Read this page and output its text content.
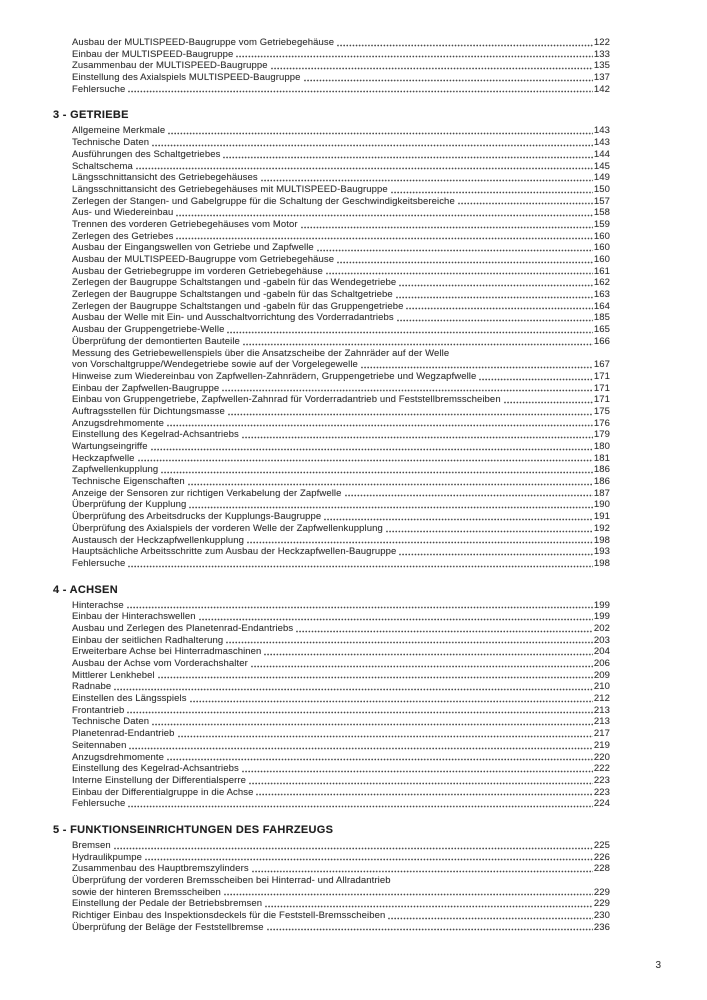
Ausbau der MULTISPEED-Baugruppe vom Getriebegehäuse	122
Einbau der MULTISPEED-Baugruppe	133
Zusammenbau der MULTISPEED-Baugruppe	135
Einstellung des Axialspiels MULTISPEED-Baugruppe	137
Fehlersuche	142
3 - GETRIEBE
Allgemeine Merkmale	143
Technische Daten	143
Ausführungen des Schaltgetriebes	144
Schaltschema	145
Längsschnittansicht des Getriebegehäuses	149
Längsschnittansicht des Getriebegehäuses mit MULTISPEED-Baugruppe	150
Zerlegen der Stangen- und Gabelgruppe für die Schaltung der Geschwindigkeitsbereiche	157
Aus- und Wiedereinbau	158
Trennen des vorderen Getriebegehäuses vom Motor	159
Zerlegen des Getriebes	160
Ausbau der Eingangswellen von Getriebe und Zapfwelle	160
Ausbau der MULTISPEED-Baugruppe vom Getriebegehäuse	160
Ausbau der Getriebegruppe im vorderen Getriebegehäuse	161
Zerlegen der Baugruppe Schaltstangen und -gabeln für das Wendegetriebe	162
Zerlegen der Baugruppe Schaltstangen und -gabeln für das Schaltgetriebe	163
Zerlegen der Baugruppe Schaltstangen und -gabeln für das Gruppengetriebe	164
Ausbau der Welle mit Ein- und Ausschaltvorrichtung des Vorderradantriebs	185
Ausbau der Gruppengetriebe-Welle	165
Überprüfung der demontierten Bauteile	166
Messung des Getriebewellenspiels über die Ansatzscheibe der Zahnräder auf der Welle
von Vorschaltgruppe/Wendegetriebe sowie auf der Vorgelegewelle	167
Hinweise zum Wiedereinbau von Zapfwellen-Zahnrädern, Gruppengetriebe und Wegzapfwelle	171
Einbau der Zapfwellen-Baugruppe	171
Einbau von Gruppengetriebe, Zapfwellen-Zahnrad für Vorderradantrieb und Feststellbremsscheiben	171
Auftragsstellen für Dichtungsmasse	175
Anzugsdrehmomente	176
Einstellung des Kegelrad-Achsantriebs	179
Wartungseingriffe	180
Heckzapfwelle	181
Zapfwellenkupplung	186
Technische Eigenschaften	186
Anzeige der Sensoren zur richtigen Verkabelung der Zapfwelle	187
Überprüfung der Kupplung	190
Überprüfung des Arbeitsdrucks der Kupplungs-Baugruppe	191
Überprüfung des Axialspiels der vorderen Welle der Zapfwellenkupplung	192
Austausch der Heckzapfwellenkupplung	198
Hauptsächliche Arbeitsschritte zum Ausbau der Heckzapfwellen-Baugruppe	193
Fehlersuche	198
4 - ACHSEN
Hinterachse	199
Einbau der Hinterachswellen	199
Ausbau und Zerlegen des Planetenrad-Endantriebs	202
Einbau der seitlichen Radhalterung	203
Erweiterbare Achse bei Hinterradmaschinen	204
Ausbau der Achse vom Vorderachshalter	206
Mittlerer Lenkhebel	209
Radnabe	210
Einstellen des Längsspiels	212
Frontantrieb	213
Technische Daten	213
Planetenrad-Endantrieb	217
Seitennaben	219
Anzugsdrehmomente	220
Einstellung des Kegelrad-Achsantriebs	222
Interne Einstellung der Differentialsperre	223
Einbau der Differentialgruppe in die Achse	223
Fehlersuche	224
5 - FUNKTIONSEINRICHTUNGEN DES FAHRZEUGS
Bremsen	225
Hydraulikpumpe	226
Zusammenbau des Hauptbremszylinders	228
Überprüfung der vorderen Bremsscheiben bei Hinterrad- und Allradantrieb
sowie der hinteren Bremsscheiben	229
Einstellung der Pedale der Betriebsbremsen	229
Richtiger Einbau des Inspektionsdeckels für die Feststell-Bremsscheiben	230
Überprüfung der Beläge der Feststellbremse	236
3
